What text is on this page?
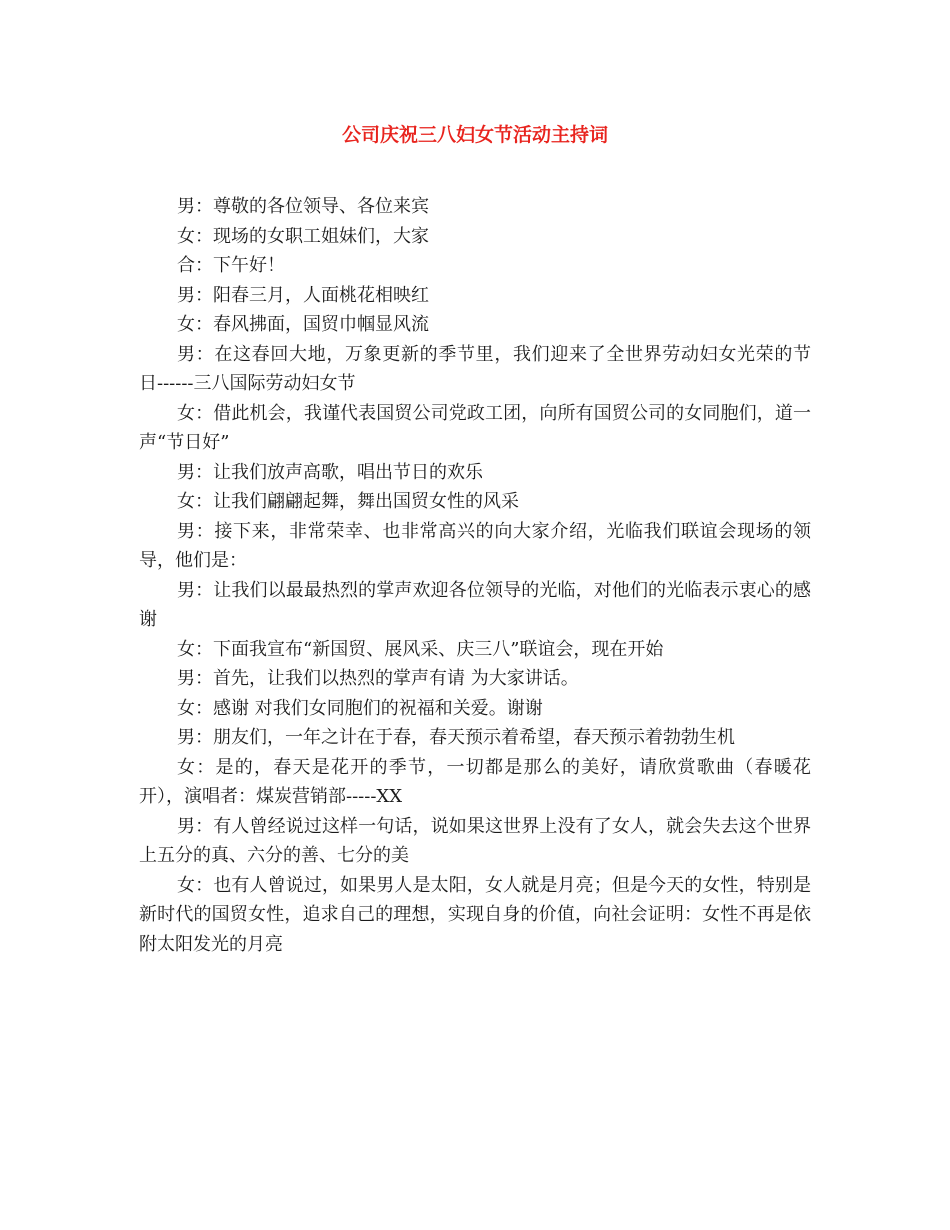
公司庆祝三八妇女节活动主持词

男：尊敬的各位领导、各位来宾

女：现场的女职工姐妹们，大家

合：下午好！

男：阳春三月，人面桃花相映红

女：春风拂面，国贸巾帼显风流

男：在这春回大地，万象更新的季节里，我们迎来了全世界劳动妇女光荣的节日------三八国际劳动妇女节

女：借此机会，我谨代表国贸公司党政工团，向所有国贸公司的女同胞们，道一声“节日好”

男：让我们放声高歌，唱出节日的欢乐

女：让我们翩翩起舞，舞出国贸女性的风采

男：接下来，非常荣幸、也非常高兴的向大家介绍，光临我们联谊会现场的领导，他们是：

男：让我们以最最热烈的掌声欢迎各位领导的光临，对他们的光临表示衷心的感谢

女：下面我宣布“新国贸、展风采、庆三八”联谊会，现在开始

男：首先，让我们以热烈的掌声有请 为大家讲话。

女：感谢 对我们女同胞们的祝福和关爱。谢谢

男：朋友们，一年之计在于春，春天预示着希望，春天预示着勃勃生机

女：是的，春天是花开的季节，一切都是那么的美好，请欣赏歌曲（春暖花开），演唱者：煤炭营销部-----XX

男：有人曾经说过这样一句话，说如果这世界上没有了女人，就会失去这个世界上五分的真、六分的善、七分的美

女：也有人曾说过，如果男人是太阳，女人就是月亮；但是今天的女性，特别是新时代的国贸女性，追求自己的理想，实现自身的价值，向社会证明：女性不再是依附太阳发光的月亮
